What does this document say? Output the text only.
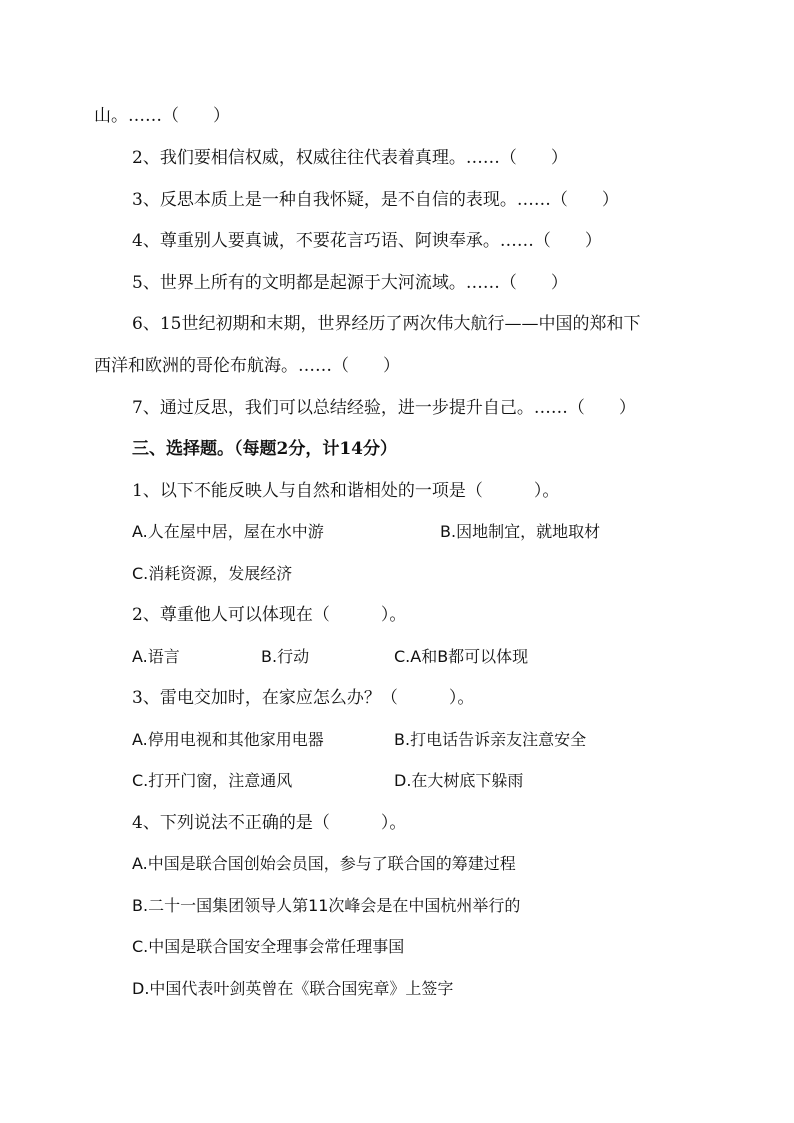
山。……（　　）
2、我们要相信权威，权威往往代表着真理。……（　　）
3、反思本质上是一种自我怀疑，是不自信的表现。……（　　）
4、尊重别人要真诚，不要花言巧语、阿谀奉承。……（　　）
5、世界上所有的文明都是起源于大河流域。……（　　）
6、15世纪初期和末期，世界经历了两次伟大航行——中国的郑和下
西洋和欧洲的哥伦布航海。……（　　）
7、通过反思，我们可以总结经验，进一步提升自己。……（　　）
三、选择题。（每题2分，计14分）
1、以下不能反映人与自然和谐相处的一项是（　　　）。
A.人在屋中居，屋在水中游	B.因地制宜，就地取材
C.消耗资源，发展经济
2、尊重他人可以体现在（　　　）。
A.语言	B.行动	C.A和B都可以体现
3、雷电交加时，在家应怎么办？（　　　）。
A.停用电视和其他家用电器	B.打电话告诉亲友注意安全
C.打开门窗，注意通风	D.在大树底下躲雨
4、下列说法不正确的是（　　　）。
A.中国是联合国创始会员国，参与了联合国的筹建过程
B.二十一国集团领导人第11次峰会是在中国杭州举行的
C.中国是联合国安全理事会常任理事国
D.中国代表叶剑英曾在《联合国宪章》上签字
